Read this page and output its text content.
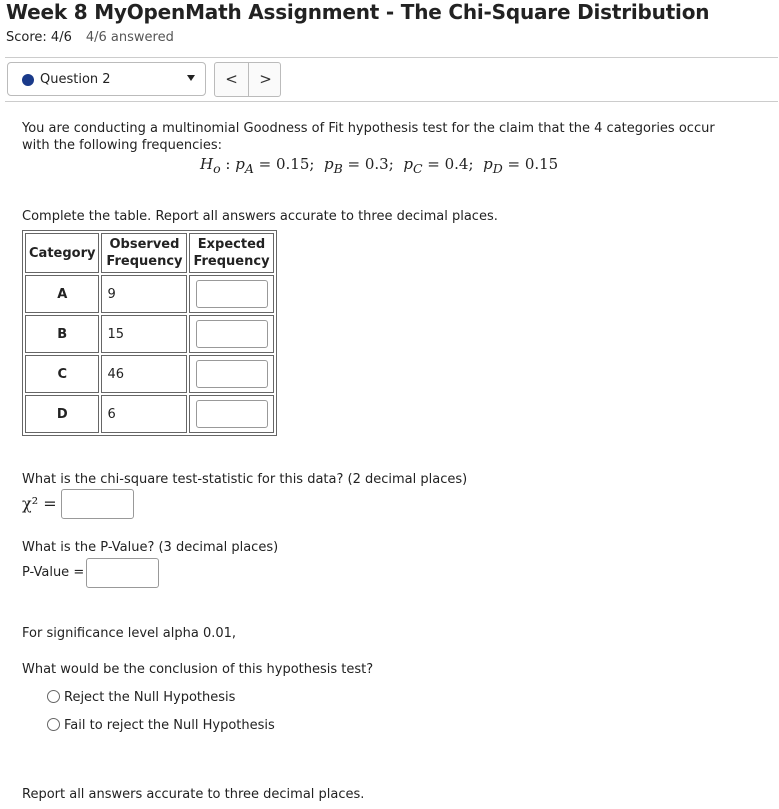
Week 8 MyOpenMath Assignment - The Chi-Square Distribution
Score: 4/6 4/6 answered
Question 2	<	>
You are conducting a multinomial Goodness of Fit hypothesis test for the claim that the 4 categories occur with the following frequencies:
$H_o$ : $p_A = 0.15$;  $p_B = 0.3$;  $p_C = 0.4$;  $p_D = 0.15$
Complete the table. Report all answers accurate to three decimal places.
Category	Observed Frequency	Expected Frequency
A	9	
B	15	
C	46	
D	6	
What is the chi-square test-statistic for this data? (2 decimal places)
χ² =
What is the P-Value? (3 decimal places)
P-Value =
For significance level alpha 0.01,
What would be the conclusion of this hypothesis test?
Reject the Null Hypothesis
Fail to reject the Null Hypothesis
Report all answers accurate to three decimal places.
